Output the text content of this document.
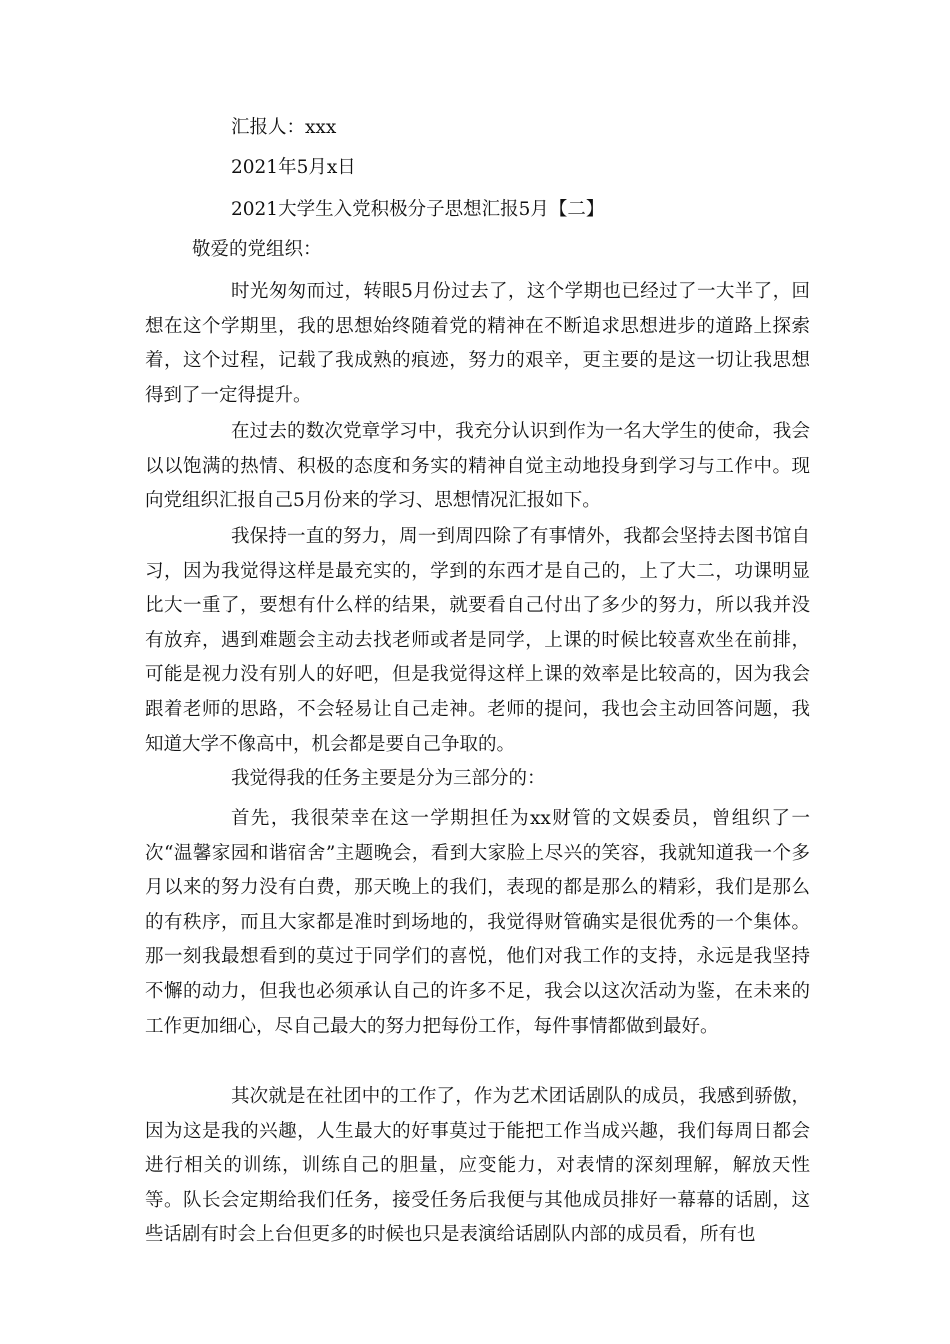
汇报人：xxx

2021年5月x日

2021大学生入党积极分子思想汇报5月【二】

敬爱的党组织：

时光匆匆而过，转眼5月份过去了，这个学期也已经过了一大半了，回想在这个学期里，我的思想始终随着党的精神在不断追求思想进步的道路上探索着，这个过程，记载了我成熟的痕迹，努力的艰辛，更主要的是这一切让我思想得到了一定得提升。

在过去的数次党章学习中，我充分认识到作为一名大学生的使命，我会以以饱满的热情、积极的态度和务实的精神自觉主动地投身到学习与工作中。现向党组织汇报自己5月份来的学习、思想情况汇报如下。

我保持一直的努力，周一到周四除了有事情外，我都会坚持去图书馆自习，因为我觉得这样是最充实的，学到的东西才是自己的，上了大二，功课明显比大一重了，要想有什么样的结果，就要看自己付出了多少的努力，所以我并没有放弃，遇到难题会主动去找老师或者是同学，上课的时候比较喜欢坐在前排，可能是视力没有别人的好吧，但是我觉得这样上课的效率是比较高的，因为我会跟着老师的思路，不会轻易让自己走神。老师的提问，我也会主动回答问题，我知道大学不像高中，机会都是要自己争取的。

我觉得我的任务主要是分为三部分的：

首先，我很荣幸在这一学期担任为xx财管的文娱委员，曾组织了一次“温馨家园和谐宿舍”主题晚会，看到大家脸上尽兴的笑容，我就知道我一个多月以来的努力没有白费，那天晚上的我们，表现的都是那么的精彩，我们是那么的有秩序，而且大家都是准时到场地的，我觉得财管确实是很优秀的一个集体。那一刻我最想看到的莫过于同学们的喜悦，他们对我工作的支持，永远是我坚持不懈的动力，但我也必须承认自己的许多不足，我会以这次活动为鉴，在未来的工作更加细心，尽自己最大的努力把每份工作，每件事情都做到最好。

其次就是在社团中的工作了，作为艺术团话剧队的成员，我感到骄傲，因为这是我的兴趣，人生最大的好事莫过于能把工作当成兴趣，我们每周日都会进行相关的训练，训练自己的胆量，应变能力，对表情的深刻理解，解放天性等。队长会定期给我们任务，接受任务后我便与其他成员排好一幕幕的话剧，这些话剧有时会上台但更多的时候也只是表演给话剧队内部的成员看，所有也
